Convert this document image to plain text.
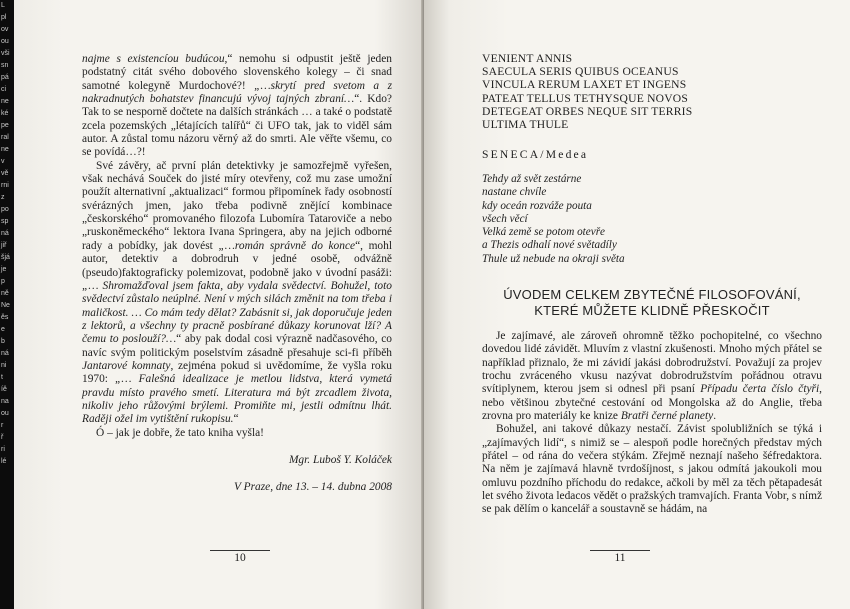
L
pl
ov
ou
vši
sn
pá
ci
ne
ké
pe
ral
ne
v
vě
rni
z
po
sp
ná
jiř
šjá
je
p
ně
Ne
ěs
e
b
ná
ni
t
íě
na
ou
r
ř
ri
lé

najme s existencíou budúcou,“ nemohu si odpustit ještě jeden podstatný citát svého dobového slovenského kolegy – či snad samotné kolegyně Murdochové?! „…skrytí pred svetom a z nakradnutých bohatstev financujú vývoj tajných zbraní…“. Kdo? Tak to se nesporně dočtete na dalších stránkách … a také o podstatě zcela pozemských „létajících talířů“ či UFO tak, jak to viděl sám autor. A zůstal tomu názoru věrný až do smrti. Ale věřte všemu, co se povídá…?!

Své závěry, ač první plán detektivky je samozřejmě vyřešen, však nechává Souček do jisté míry otevřeny, což mu zase umožní použít alternativní „aktualizaci“ formou připomínek řady osobností svérázných jmen, jako třeba podivně znějící kombinace „českorského“ promovaného filozofa Lubomíra Tataroviče a nebo „ruskoněmeckého“ lektora Ivana Springera, aby na jejich odborné rady a pobídky, jak dovést „…román správně do konce“, mohl autor, detektiv a dobrodruh v jedné osobě, odvážně (pseudo)faktograficky polemizovat, podobně jako v úvodní pasáži: „… Shromažďoval jsem fakta, aby vydala svědectví. Bohužel, toto svědectví zůstalo neúplné. Není v mých silách změnit na tom třeba i maličkost. … Co mám tedy dělat? Zabásnit si, jak doporučuje jeden z lektorů, a všechny ty pracně posbírané důkazy korunovat lží? A čemu to poslouží?…“ aby pak dodal cosi výrazně nadčasového, co navíc svým politickým poselstvím zásadně přesahuje sci-fi příběh Jantarové komnaty, zejména pokud si uvědomíme, že vyšla roku 1970: „… Falešná idealizace je metlou lidstva, která vymetá pravdu místo pravého smetí. Literatura má být zrcadlem života, nikoliv jeho růžovými brýlemi. Promiňte mi, jestli odmítnu lhát. Raději ožel im vytištění rukopisu.“

Ó – jak je dobře, že tato kniha vyšla!

Mgr. Luboš Y. Koláček

V Praze, dne 13. – 14. dubna 2008

10
VENIENT ANNIS
SAECULA SERIS QUIBUS OCEANUS
VINCULA RERUM LAXET ET INGENS
PATEAT TELLUS TETHYSQUE NOVOS
DETEGEAT ORBES NEQUE SIT TERRIS
ULTIMA THULE
SENECA/Medea
Tehdy až svět zestárne
nastane chvíle
kdy oceán rozváže pouta
všech věcí
Velká země se potom otevře
a Thezis odhalí nové světadíly
Thule už nebude na okraji světa
ÚVODEM CELKEM ZBYTEČNÉ FILOSOFOVÁNÍ,
KTERÉ MŮŽETE KLIDNĚ PŘESKOČIT

Je zajímavé, ale zároveň ohromně těžko pochopitelné, co všechno dovedou lidé závidět. Mluvím z vlastní zkušenosti. Mnoho mých přátel se například přiznalo, že mi závidí jakási dobrodružství. Považují za projev trochu zvráceného vkusu nazývat dobrodružstvím pořádnou otravu svítiplynem, kterou jsem si odnesl při psaní Případu čertа číslo čtyři, nebo většinou zbytečné cestování od Mongolska až do Anglie, třeba zrovna pro materiály ke knize Bratři černé planety.

Bohužel, ani takové důkazy nestačí. Závist spolubližních se týká i „zajímavých lidí“, s nimiž se – alespoň podle horečných představ mých přátel – od rána do večera stýkám. Zřejmě neznají našeho šéfredaktora. Na něm je zajímavá hlavně tvrdošíjnost, s jakou odmítá jakoukoli mou omluvu pozdního příchodu do redakce, ačkoli by měl za těch pětapadesát let svého života ledacos vědět o pražských tramvajích. Franta Vobr, s nímž se pak dělím o kancelář a soustavně se hádám, na

11
